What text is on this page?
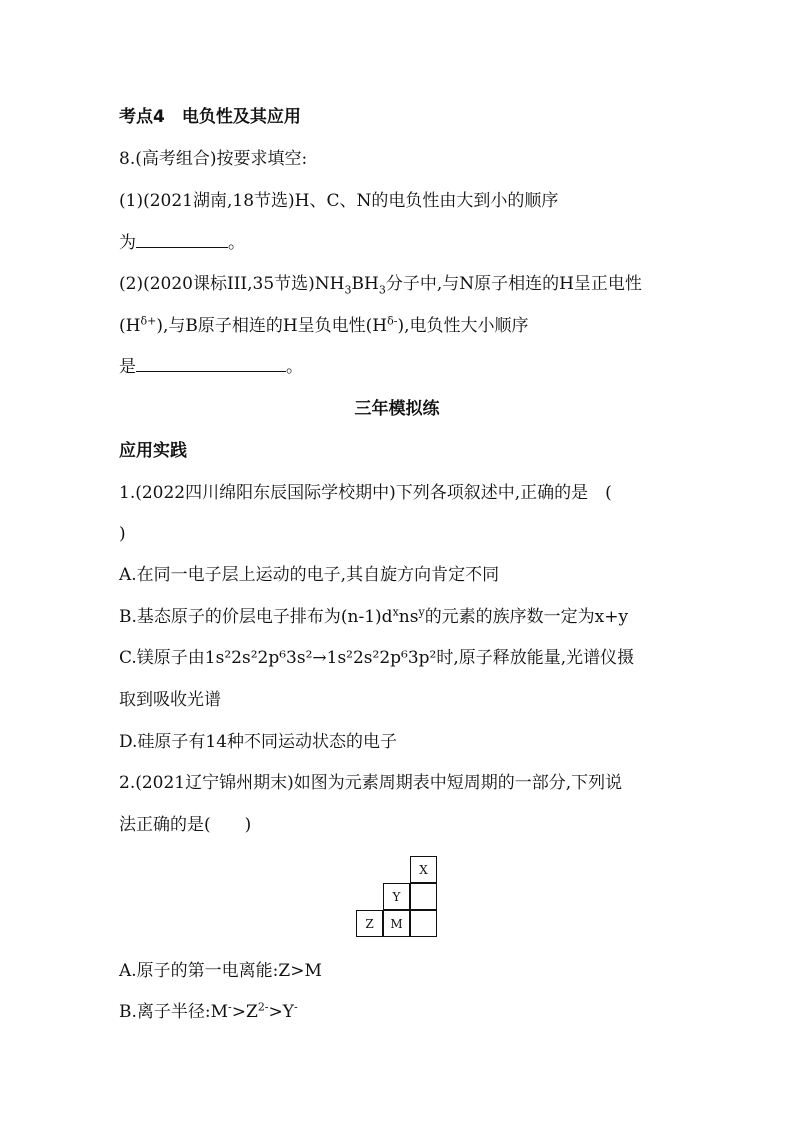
考点4　电负性及其应用
8.(高考组合)按要求填空:
(1)(2021湖南,18节选)H、C、N的电负性由大到小的顺序
为	。
(2)(2020课标III,35节选)$NH_3BH_3$分子中,与N原子相连的H呈正电性
$(H^{\delta+})$,与B原子相连的H呈负电性$(H^{\delta-})$,电负性大小顺序
是	。
三年模拟练
应用实践
1.(2022四川绵阳东辰国际学校期中)下列各项叙述中,正确的是　(
)
A.在同一电子层上运动的电子,其自旋方向肯定不同
B.基态原子的价层电子排布为$(n-1)d^xns^y$的元素的族序数一定为x+y
C.镁原子由1s²2s²2p⁶3s²→1s²2s²2p⁶3p²时,原子释放能量,光谱仪摄
取到吸收光谱
D.硅原子有14种不同运动状态的电子
2.(2021辽宁锦州期末)如图为元素周期表中短周期的一部分,下列说
法正确的是(　　)
X
Y
Z	M
A.原子的第一电离能:Z>M
B.离子半径$:M^->Z^{2-}>Y^-$
